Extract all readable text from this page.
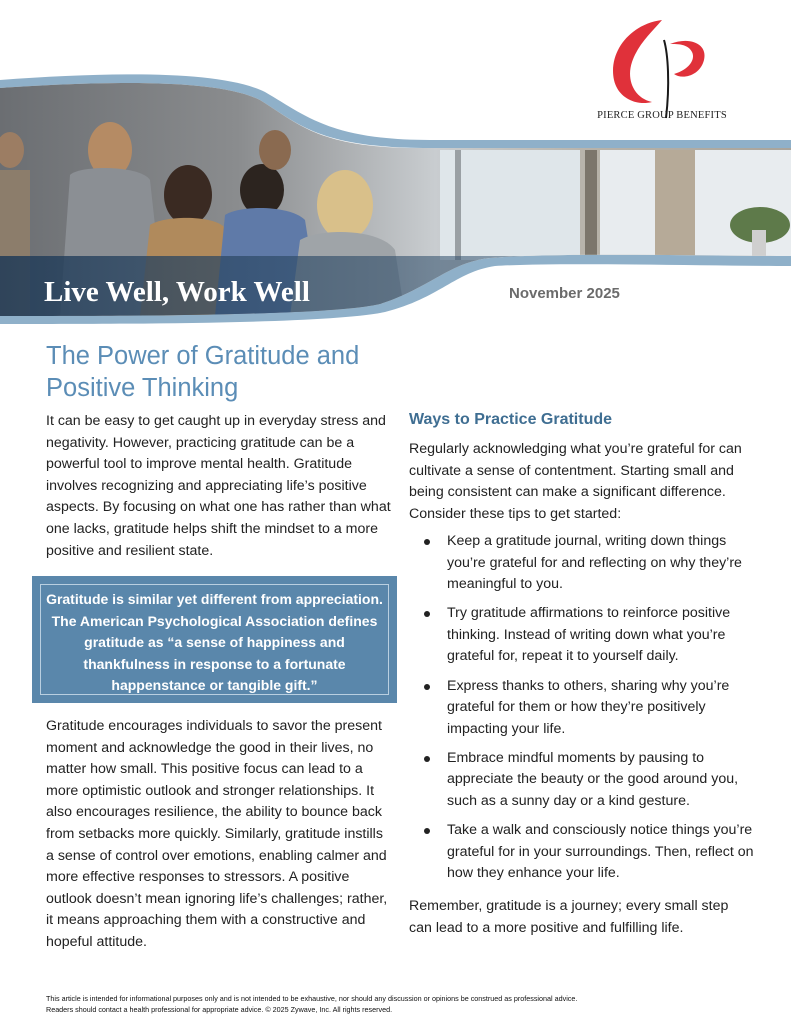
PIERCE GROUP BENEFITS
Live Well, Work Well	November 2025
The Power of Gratitude and Positive Thinking

It can be easy to get caught up in everyday stress and negativity. However, practicing gratitude can be a powerful tool to improve mental health. Gratitude involves recognizing and appreciating life’s positive aspects. By focusing on what one has rather than what one lacks, gratitude helps shift the mindset to a more positive and resilient state.

Gratitude is similar yet different from appreciation. The American Psychological Association defines gratitude as “a sense of happiness and thankfulness in response to a fortunate happenstance or tangible gift.”

Gratitude encourages individuals to savor the present moment and acknowledge the good in their lives, no matter how small. This positive focus can lead to a more optimistic outlook and stronger relationships. It also encourages resilience, the ability to bounce back from setbacks more quickly. Similarly, gratitude instills a sense of control over emotions, enabling calmer and more effective responses to stressors. A positive outlook doesn’t mean ignoring life’s challenges; rather, it means approaching them with a constructive and hopeful attitude.

Ways to Practice Gratitude

Regularly acknowledging what you’re grateful for can cultivate a sense of contentment. Starting small and being consistent can make a significant difference. Consider these tips to get started:

Keep a gratitude journal, writing down things you’re grateful for and reflecting on why they’re meaningful to you.
Try gratitude affirmations to reinforce positive thinking. Instead of writing down what you’re grateful for, repeat it to yourself daily.
Express thanks to others, sharing why you’re grateful for them or how they’re positively impacting your life.
Embrace mindful moments by pausing to appreciate the beauty or the good around you, such as a sunny day or a kind gesture.
Take a walk and consciously notice things you’re grateful for in your surroundings. Then, reflect on how they enhance your life.

Remember, gratitude is a journey; every small step can lead to a more positive and fulfilling life.

This article is intended for informational purposes only and is not intended to be exhaustive, nor should any discussion or opinions be construed as professional advice.
Readers should contact a health professional for appropriate advice. © 2025 Zywave, Inc. All rights reserved.
